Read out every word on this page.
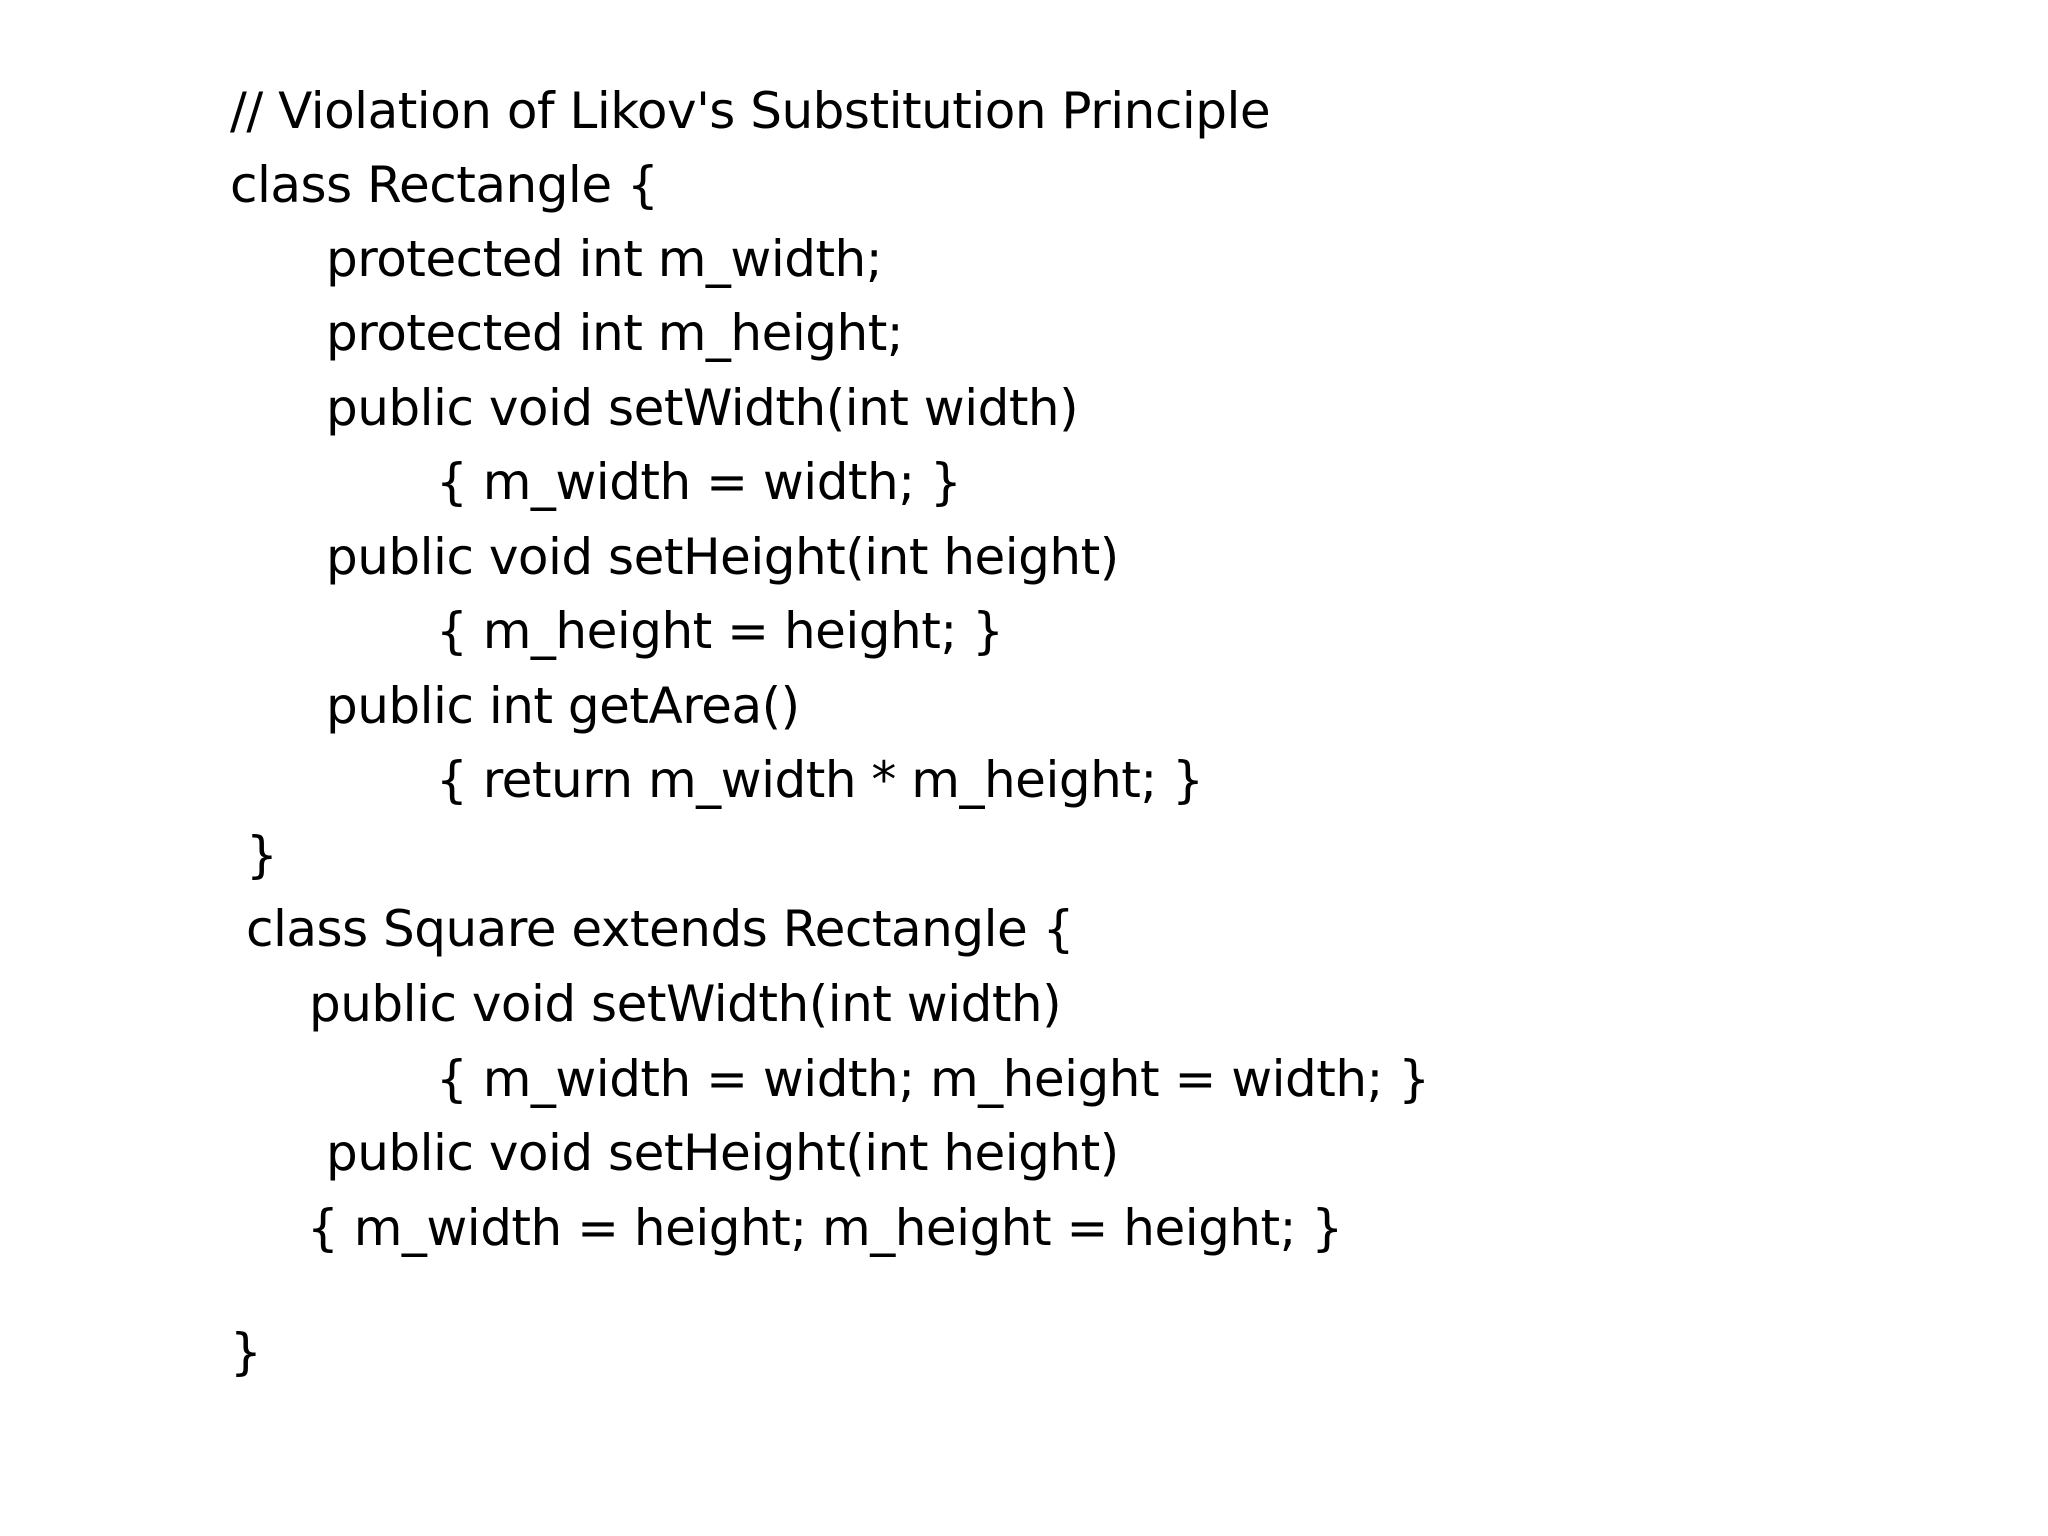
// Violation of Likov's Substitution Principle
class Rectangle {
protected int m_width;
protected int m_height;
public void setWidth(int width)
{ m_width = width; }
public void setHeight(int height)
{ m_height = height; }
public int getArea()
{ return m_width * m_height; }
}
class Square extends Rectangle {
public void setWidth(int width)
{ m_width = width; m_height = width; }
public void setHeight(int height)
{ m_width = height; m_height = height; }
}
